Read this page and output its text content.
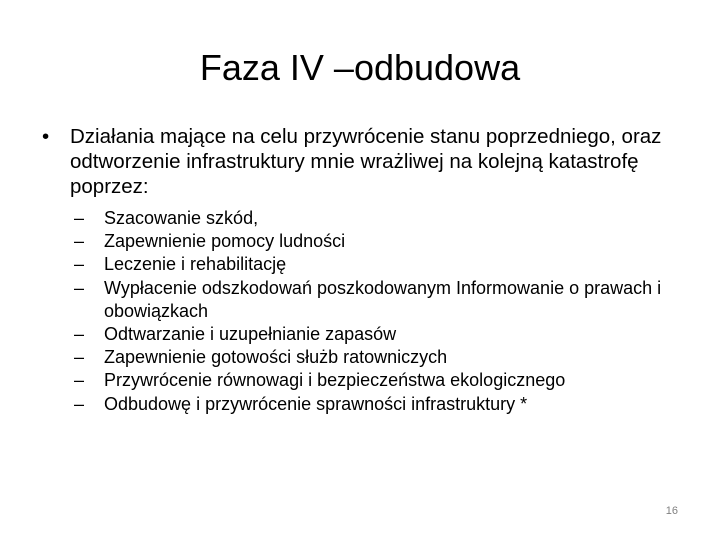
Faza IV –odbudowa

• Działania mające na celu przywrócenie stanu poprzedniego, oraz odtworzenie infrastruktury mnie wrażliwej na kolejną katastrofę poprzez:

– Szacowanie szkód,
– Zapewnienie pomocy ludności
– Leczenie i rehabilitację
– Wypłacenie odszkodowań poszkodowanym Informowanie o prawach i obowiązkach
– Odtwarzanie i uzupełnianie zapasów
– Zapewnienie gotowości służb ratowniczych
– Przywrócenie równowagi i bezpieczeństwa ekologicznego
– Odbudowę i przywrócenie sprawności infrastruktury *
16
